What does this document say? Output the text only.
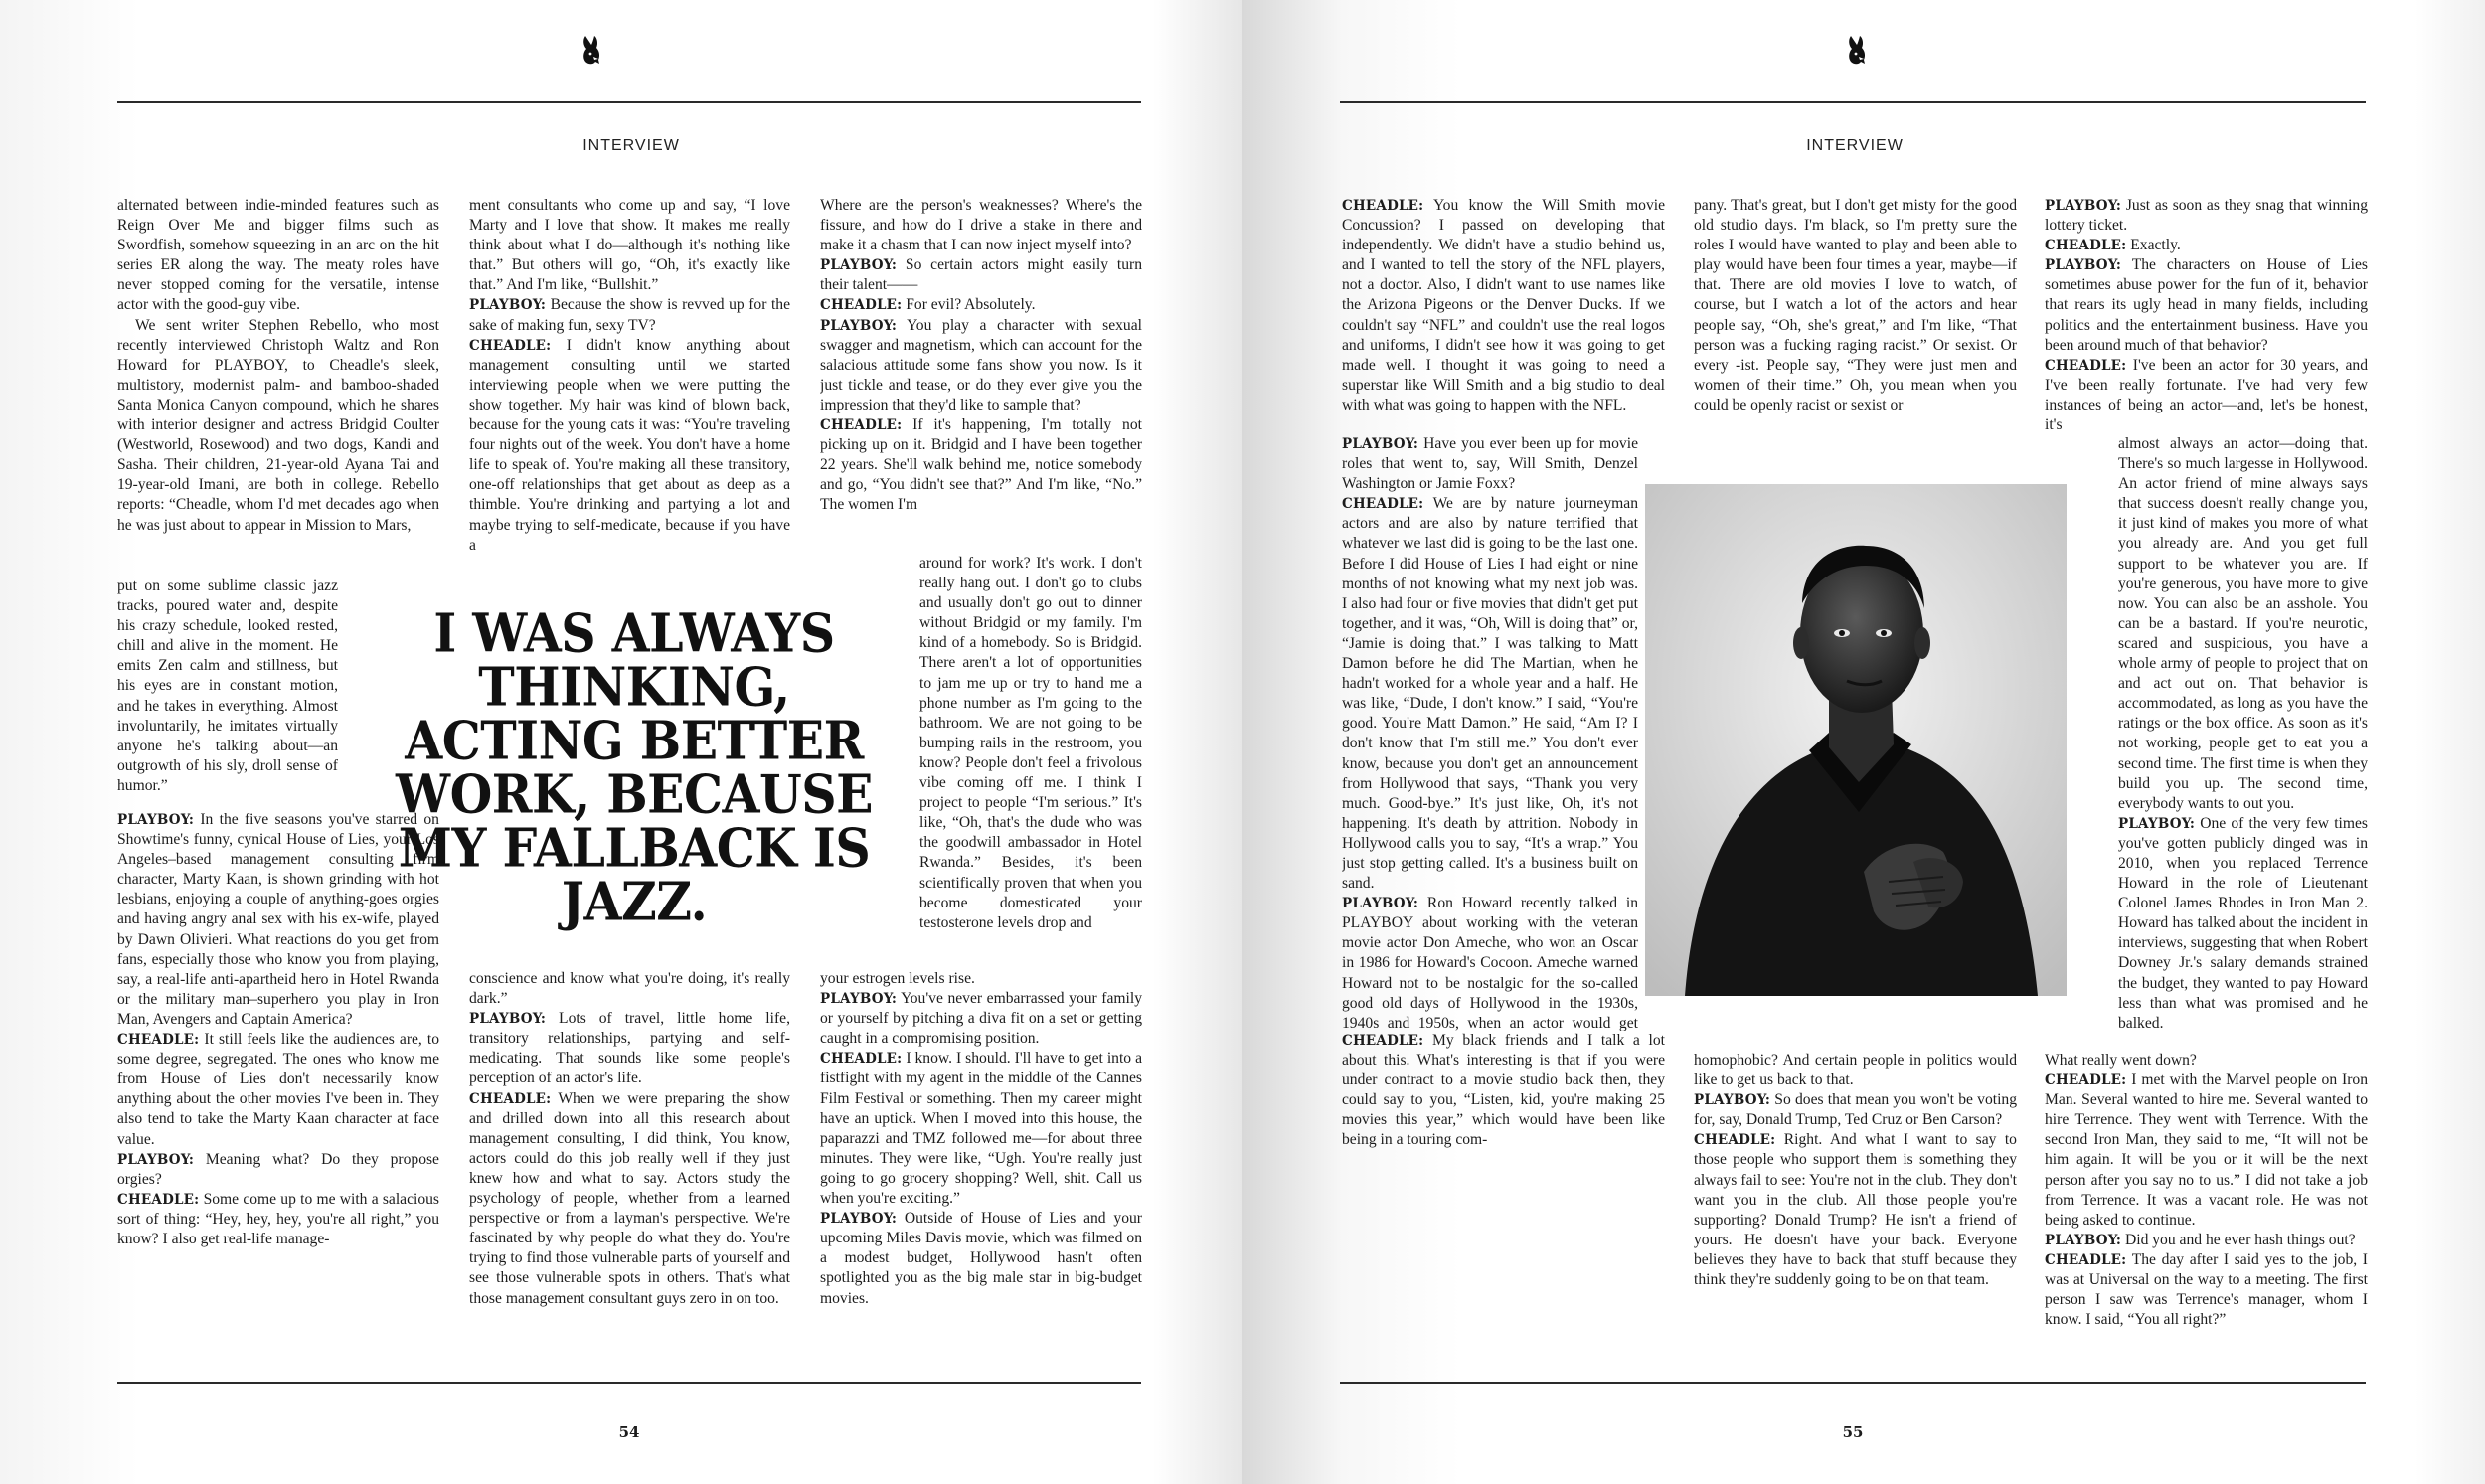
INTERVIEW

alternated between indie-minded features such as Reign Over Me and bigger films such as Swordfish, somehow squeezing in an arc on the hit series ER along the way. The meaty roles have never stopped coming for the versatile, intense actor with the good-guy vibe.

We sent writer Stephen Rebello, who most recently interviewed Christoph Waltz and Ron Howard for PLAYBOY, to Cheadle's sleek, multistory, modernist palm- and bamboo-shaded Santa Monica Canyon compound, which he shares with interior designer and actress Bridgid Coulter (Westworld, Rosewood) and two dogs, Kandi and Sasha. Their children, 21-year-old Ayana Tai and 19-year-old Imani, are both in college. Rebello reports: “Cheadle, whom I'd met decades ago when he was just about to appear in Mission to Mars,

put on some sublime classic jazz tracks, poured water and, despite his crazy schedule, looked rested, chill and alive in the moment. He emits Zen calm and stillness, but his eyes are in constant motion, and he takes in everything. Almost involuntarily, he imitates virtually anyone he's talking about—an outgrowth of his sly, droll sense of humor.”

PLAYBOY: In the five seasons you've starred on Showtime's funny, cynical House of Lies, your Los Angeles–based management consulting firm character, Marty Kaan, is shown grinding with hot lesbians, enjoying a couple of anything-goes orgies and having angry anal sex with his ex-wife, played by Dawn Olivieri. What reactions do you get from fans, especially those who know you from playing, say, a real-life anti-apartheid hero in Hotel Rwanda or the military man–superhero you play in Iron Man, Avengers and Captain America?

CHEADLE: It still feels like the audiences are, to some degree, segregated. The ones who know me from House of Lies don't necessarily know anything about the other movies I've been in. They also tend to take the Marty Kaan character at face value.

PLAYBOY: Meaning what? Do they propose orgies?

CHEADLE: Some come up to me with a salacious sort of thing: “Hey, hey, hey, you're all right,” you know? I also get real-life manage-

ment consultants who come up and say, “I love Marty and I love that show. It makes me really think about what I do—although it's nothing like that.” But others will go, “Oh, it's exactly like that.” And I'm like, “Bullshit.”

PLAYBOY: Because the show is revved up for the sake of making fun, sexy TV?

CHEADLE: I didn't know anything about management consulting until we started interviewing people when we were putting the show together. My hair was kind of blown back, because for the young cats it was: “You're traveling four nights out of the week. You don't have a home life to speak of. You're making all these transitory, one-off relationships that get about as deep as a thimble. You're drinking and partying a lot and maybe trying to self-medicate, because if you have a

conscience and know what you're doing, it's really dark.”

PLAYBOY: Lots of travel, little home life, transitory relationships, partying and self-medicating. That sounds like some people's perception of an actor's life.

CHEADLE: When we were preparing the show and drilled down into all this research about management consulting, I did think, You know, actors could do this job really well if they just knew how and what to say. Actors study the psychology of people, whether from a learned perspective or from a layman's perspective. We're fascinated by why people do what they do. You're trying to find those vulnerable parts of yourself and see those vulnerable spots in others. That's what those management consultant guys zero in on too.

I WAS ALWAYS THINKING, ACTING BETTER WORK, BECAUSE MY FALLBACK IS JAZZ.

Where are the person's weaknesses? Where's the fissure, and how do I drive a stake in there and make it a chasm that I can now inject myself into?

PLAYBOY: So certain actors might easily turn their talent——

CHEADLE: For evil? Absolutely.

PLAYBOY: You play a character with sexual swagger and magnetism, which can account for the salacious attitude some fans show you now. Is it just tickle and tease, or do they ever give you the impression that they'd like to sample that?

CHEADLE: If it's happening, I'm totally not picking up on it. Bridgid and I have been together 22 years. She'll walk behind me, notice somebody and go, “You didn't see that?” And I'm like, “No.” The women I'm

around for work? It's work. I don't really hang out. I don't go to clubs and usually don't go out to dinner without Bridgid or my family. I'm kind of a homebody. So is Bridgid. There aren't a lot of opportunities to jam me up or try to hand me a phone number as I'm going to the bathroom. We are not going to be bumping rails in the restroom, you know? People don't feel a frivolous vibe coming off me. I think I project to people “I'm serious.” It's like, “Oh, that's the dude who was the goodwill ambassador in Hotel Rwanda.” Besides, it's been scientifically proven that when you become domesticated your testosterone levels drop and

your estrogen levels rise.

PLAYBOY: You've never embarrassed your family or yourself by pitching a diva fit on a set or getting caught in a compromising position.

CHEADLE: I know. I should. I'll have to get into a fistfight with my agent in the middle of the Cannes Film Festival or something. Then my career might have an uptick. When I moved into this house, the paparazzi and TMZ followed me—for about three minutes. They were like, “Ugh. You're really just going to go grocery shopping? Well, shit. Call us when you're exciting.”

PLAYBOY: Outside of House of Lies and your upcoming Miles Davis movie, which was filmed on a modest budget, Hollywood hasn't often spotlighted you as the big male star in big-budget movies.

54
INTERVIEW

CHEADLE: You know the Will Smith movie Concussion? I passed on developing that independently. We didn't have a studio behind us, and I wanted to tell the story of the NFL players, not a doctor. Also, I didn't want to use names like the Arizona Pigeons or the Denver Ducks. If we couldn't say “NFL” and couldn't use the real logos and uniforms, I didn't see how it was going to get made well. I thought it was going to need a superstar like Will Smith and a big studio to deal with what was going to happen with the NFL.

PLAYBOY: Have you ever been up for movie roles that went to, say, Will Smith, Denzel Washington or Jamie Foxx?

CHEADLE: We are by nature journeyman actors and are also by nature terrified that whatever we last did is going to be the last one. Before I did House of Lies I had eight or nine months of not knowing what my next job was. I also had four or five movies that didn't get put together, and it was, “Oh, Will is doing that” or, “Jamie is doing that.” I was talking to Matt Damon before he did The Martian, when he hadn't worked for a whole year and a half. He was like, “Dude, I don't know.” I said, “You're good. You're Matt Damon.” He said, “Am I? I don't know that I'm still me.” You don't ever know, because you don't get an announcement from Hollywood that says, “Thank you very much. Good-bye.” It's just like, Oh, it's not happening. It's death by attrition. Nobody in Hollywood calls you to say, “It's a wrap.” You just stop getting called. It's a business built on sand.

PLAYBOY: Ron Howard recently talked in PLAYBOY about working with the veteran movie actor Don Ameche, who won an Oscar in 1986 for Howard's Cocoon. Ameche warned Howard not to be nostalgic for the so-called good old days of Hollywood in the 1930s, 1940s and 1950s, when an actor would get

CHEADLE: My black friends and I talk a lot about this. What's interesting is that if you were under contract to a movie studio back then, they could say to you, “Listen, kid, you're making 25 movies this year,” which would have been like being in a touring com-

pany. That's great, but I don't get misty for the good old studio days. I'm black, so I'm pretty sure the roles I would have wanted to play and been able to play would have been four times a year, maybe—if that. There are old movies I love to watch, of course, but I watch a lot of the actors and hear people say, “Oh, she's great,” and I'm like, “That person was a fucking raging racist.” Or sexist. Or every -ist. People say, “They were just men and women of their time.” Oh, you mean when you could be openly racist or sexist or

homophobic? And certain people in politics would like to get us back to that.

PLAYBOY: So does that mean you won't be voting for, say, Donald Trump, Ted Cruz or Ben Carson?

CHEADLE: Right. And what I want to say to those people who support them is something they always fail to see: You're not in the club. They don't want you in the club. All those people you're supporting? Donald Trump? He isn't a friend of yours. He doesn't have your back. Everyone believes they have to back that stuff because they think they're suddenly going to be on that team.

PLAYBOY: Just as soon as they snag that winning lottery ticket.

CHEADLE: Exactly.

PLAYBOY: The characters on House of Lies sometimes abuse power for the fun of it, behavior that rears its ugly head in many fields, including politics and the entertainment business. Have you been around much of that behavior?

CHEADLE: I've been an actor for 30 years, and I've been really fortunate. I've had very few instances of being an actor—and, let's be honest, it's

almost always an actor—doing that. There's so much largesse in Hollywood. An actor friend of mine always says that success doesn't really change you, it just kind of makes you more of what you already are. And you get full support to be whatever you are. If you're generous, you have more to give now. You can also be an asshole. You can be a bastard. If you're neurotic, scared and suspicious, you have a whole army of people to project that on and act out on. That behavior is accommodated, as long as you have the ratings or the box office. As soon as it's not working, people get to eat you a second time. The first time is when they build you up. The second time, everybody wants to out you.

PLAYBOY: One of the very few times you've gotten publicly dinged was in 2010, when you replaced Terrence Howard in the role of Lieutenant Colonel James Rhodes in Iron Man 2. Howard has talked about the incident in interviews, suggesting that when Robert Downey Jr.'s salary demands strained the budget, they wanted to pay Howard less than what was promised and he balked.

What really went down?

CHEADLE: I met with the Marvel people on Iron Man. Several wanted to hire me. Several wanted to hire Terrence. They went with Terrence. With the second Iron Man, they said to me, “It will not be him again. It will be you or it will be the next person after you say no to us.” I did not take a job from Terrence. It was a vacant role. He was not being asked to continue.

PLAYBOY: Did you and he ever hash things out?

CHEADLE: The day after I said yes to the job, I was at Universal on the way to a meeting. The first person I saw was Terrence's manager, whom I know. I said, “You all right?”

55
